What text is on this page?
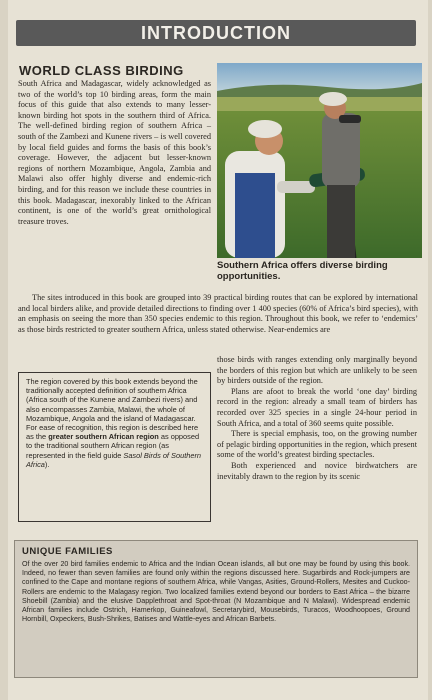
INTRODUCTION
WORLD CLASS BIRDING
South Africa and Madagascar, widely acknowledged as two of the world’s top 10 birding areas, form the main focus of this guide that also extends to many lesser-known birding hot spots in the southern third of Africa. The well-defined birding region of southern Africa – south of the Zambezi and Kunene rivers – is well covered by local field guides and forms the basis of this book’s coverage. However, the adjacent but lesser-known regions of northern Mozambique, Angola, Zambia and Malawi also offer highly diverse and endemic-rich birding, and for this reason we include these countries in this book. Madagascar, inexorably linked to the African continent, is one of the world’s great ornithological treasure troves.
Southern Africa offers diverse birding opportunities.
The sites introduced in this book are grouped into 39 practical birding routes that can be explored by international and local birders alike, and provide detailed directions to finding over 1 400 species (60% of Africa’s bird species), with an emphasis on seeing the more than 350 species endemic to this region. Throughout this book, we refer to ‘endemics’ as those birds restricted to greater southern Africa, unless stated otherwise. Near-endemics are
The region covered by this book extends beyond the traditionally accepted definition of southern Africa (Africa south of the Kunene and Zambezi rivers) and also encompasses Zambia, Malawi, the whole of Mozambique, Angola and the island of Madagascar. For ease of recognition, this region is described here as the greater southern African region as opposed to the traditional southern African region (as represented in the field guide Sasol Birds of Southern Africa).

those birds with ranges extending only marginally beyond the borders of this region but which are unlikely to be seen by birders outside of the region.

Plans are afoot to break the world ‘one day’ birding record in the region: already a small team of birders has recorded over 325 species in a single 24-hour period in South Africa, and a total of 360 seems quite possible.

There is special emphasis, too, on the growing number of pelagic birding opportunities in the region, which present some of the world’s greatest birding spectacles.

Both experienced and novice birdwatchers are inevitably drawn to the region by its scenic

UNIQUE FAMILIES
Of the over 20 bird families endemic to Africa and the Indian Ocean islands, all but one may be found by using this book. Indeed, no fewer than seven families are found only within the regions discussed here. Sugarbirds and Rock-jumpers are confined to the Cape and montane regions of southern Africa, while Vangas, Asities, Ground-Rollers, Mesites and Cuckoo-Rollers are endemic to the Malagasy region. Two localized families extend beyond our borders to East Africa – the bizarre Shoebill (Zambia) and the elusive Dapplethroat and Spot-throat (N Mozambique and N Malawi). Widespread endemic African families include Ostrich, Hamerkop, Guineafowl, Secretarybird, Mousebirds, Turacos, Woodhoopoes, Ground Hornbill, Oxpeckers, Bush-Shrikes, Batises and Wattle-eyes and African Barbets.
